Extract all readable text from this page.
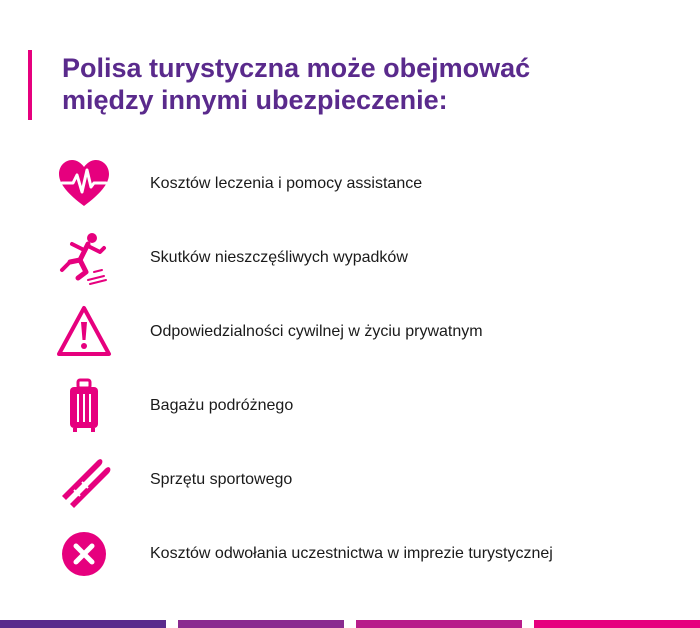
Polisa turystyczna może obejmować
między innymi ubezpieczenie:
Kosztów leczenia i pomocy assistance
Skutków nieszczęśliwych wypadków
Odpowiedzialności cywilnej w życiu prywatnym
Bagażu podróżnego
Sprzętu sportowego
Kosztów odwołania uczestnictwa w imprezie turystycznej
